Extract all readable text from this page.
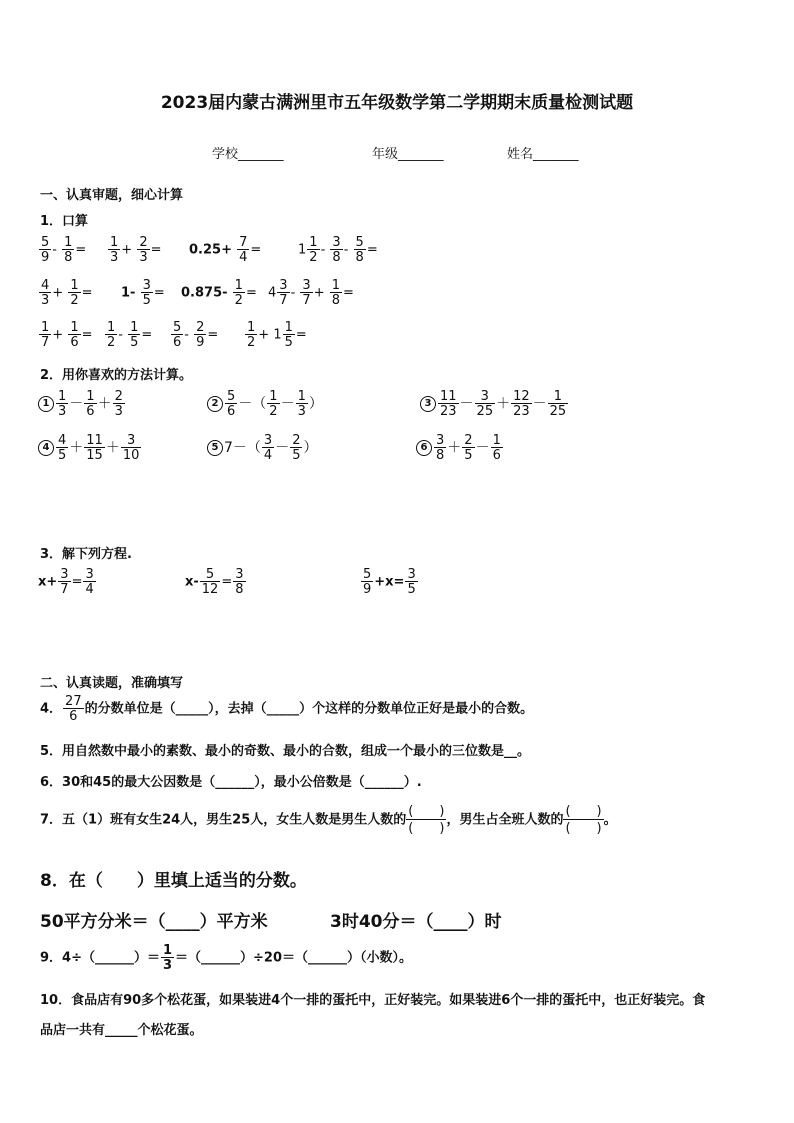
2023届内蒙古满洲里市五年级数学第二学期期末质量检测试题
学校_______	年级_______	姓名_______
一、认真审题，细心计算
1．口算
$\frac{5}{9} - \frac{1}{8} = \frac{1}{3} + \frac{2}{3} = 0.25+ \frac{7}{4}$ =	$1 \frac{1}{2} - \frac{3}{8} - \frac{5}{8}$ =
$\frac{4}{3} + \frac{1}{2} = 1- \frac{3}{5} = 0.875- \frac{1}{2} = 4 \frac{3}{7} - \frac{3}{7} + \frac{1}{8}$ =
$\frac{1}{7} + \frac{1}{6} = \frac{1}{2} - \frac{1}{5} = \frac{5}{6} - \frac{2}{9} = \frac{1}{2} + 1 \frac{1}{5}$ =
2．用你喜欢的方法计算。
$1 \frac{1}{3} - \frac{1}{6} + \frac{2}{3}$	$2 \frac{5}{6}$ －（ $\frac{1}{2} - \frac{1}{3}$ ）	$3 \frac{11}{23} - \frac{3}{25} + \frac{12}{23} - \frac{1}{25}$
$4 \frac{4}{5} + \frac{11}{15} + \frac{3}{10}$	5 $7-( \frac{3}{4} - \frac{2}{5}$ ）	$6 \frac{3}{8} + \frac{2}{5} - \frac{1}{6}$
3．解下列方程.
$x+ \frac{3}{7} = \frac{3}{4}$	$x- \frac{5}{12} = \frac{3}{8}$	$\frac{5}{9} +x= \frac{3}{5}$
二、认真读题，准确填写
4． $\frac{27}{6}$ 的分数单位是（_____），去掉（_____）个这样的分数单位正好是最小的合数。
5．用自然数中最小的素数、最小的奇数、最小的合数，组成一个最小的三位数是__。
6．30和45的最大公因数是（______），最小公倍数是（______）.
7．五（1）班有女生24人，男生25人，女生人数是男生人数的
(　　)
(　　)
，男生占全班人数的
(　　)
(　　)
。
8．在（　　）里填上适当的分数。
50平方分米＝（____）平方米	3时40分＝（____）时
9．4÷（______）＝ $\frac{1}{3}$ ＝（______）÷20＝（______）（小数）。
10．食品店有90多个松花蛋，如果装进4个一排的蛋托中，正好装完。如果装进6个一排的蛋托中，也正好装完。食
品店一共有_____个松花蛋。
